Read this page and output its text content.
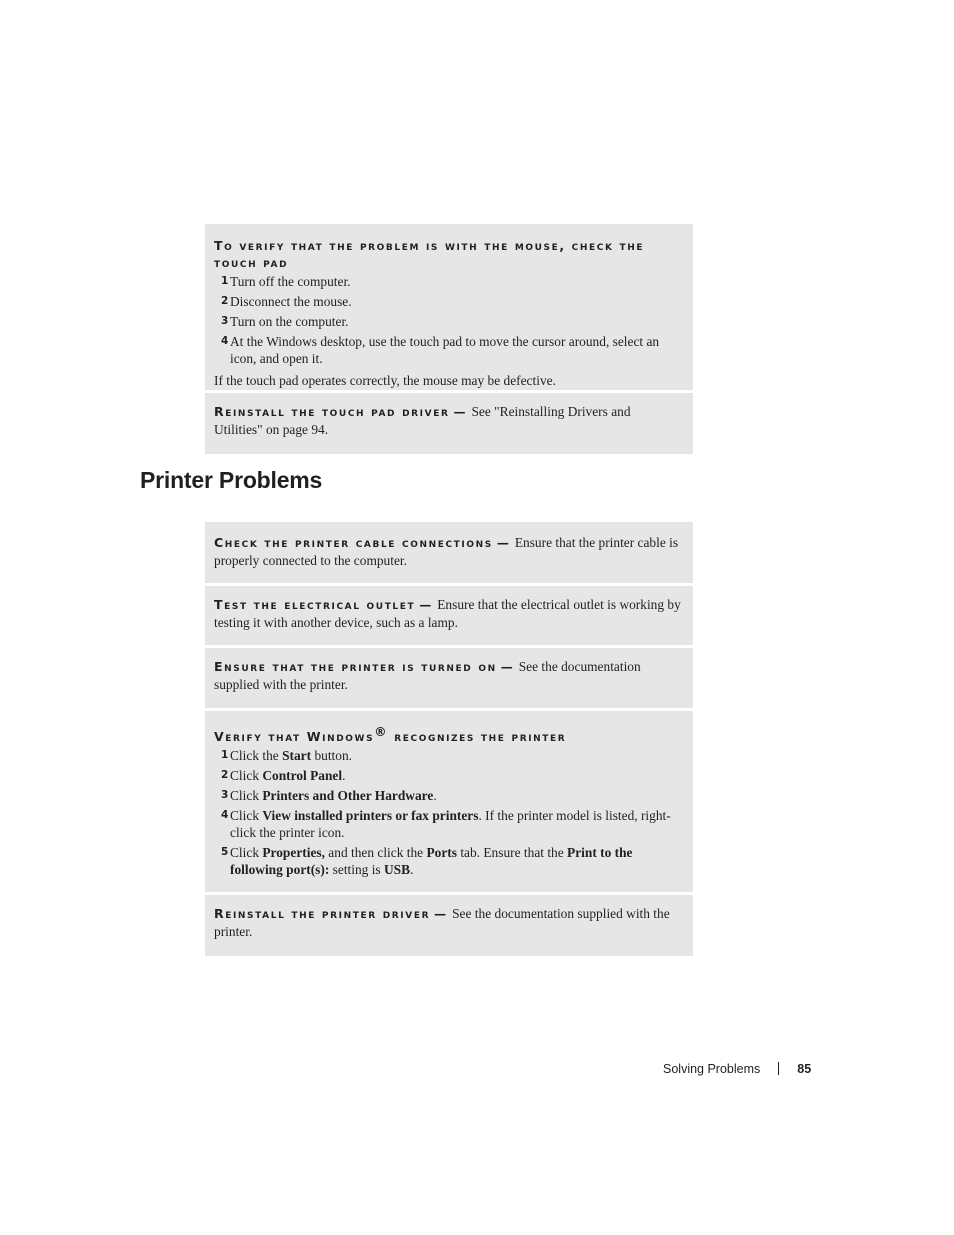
To verify that the problem is with the mouse, check the touch pad

1 Turn off the computer.
2 Disconnect the mouse.
3 Turn on the computer.
4 At the Windows desktop, use the touch pad to move the cursor around, select an icon, and open it.

If the touch pad operates correctly, the mouse may be defective.

Reinstall the touch pad driver — See "Reinstalling Drivers and Utilities" on page 94.
Printer Problems
Check the printer cable connections — Ensure that the printer cable is properly connected to the computer.
Test the electrical outlet — Ensure that the electrical outlet is working by testing it with another device, such as a lamp.
Ensure that the printer is turned on — See the documentation supplied with the printer.

Verify that Windows® recognizes the printer

1 Click the Start button.
2 Click Control Panel.
3 Click Printers and Other Hardware.
4 Click View installed printers or fax printers. If the printer model is listed, right-click the printer icon.
5 Click Properties, and then click the Ports tab. Ensure that the Print to the following port(s): setting is USB.
Reinstall the printer driver — See the documentation supplied with the printer.
Solving Problems	85
